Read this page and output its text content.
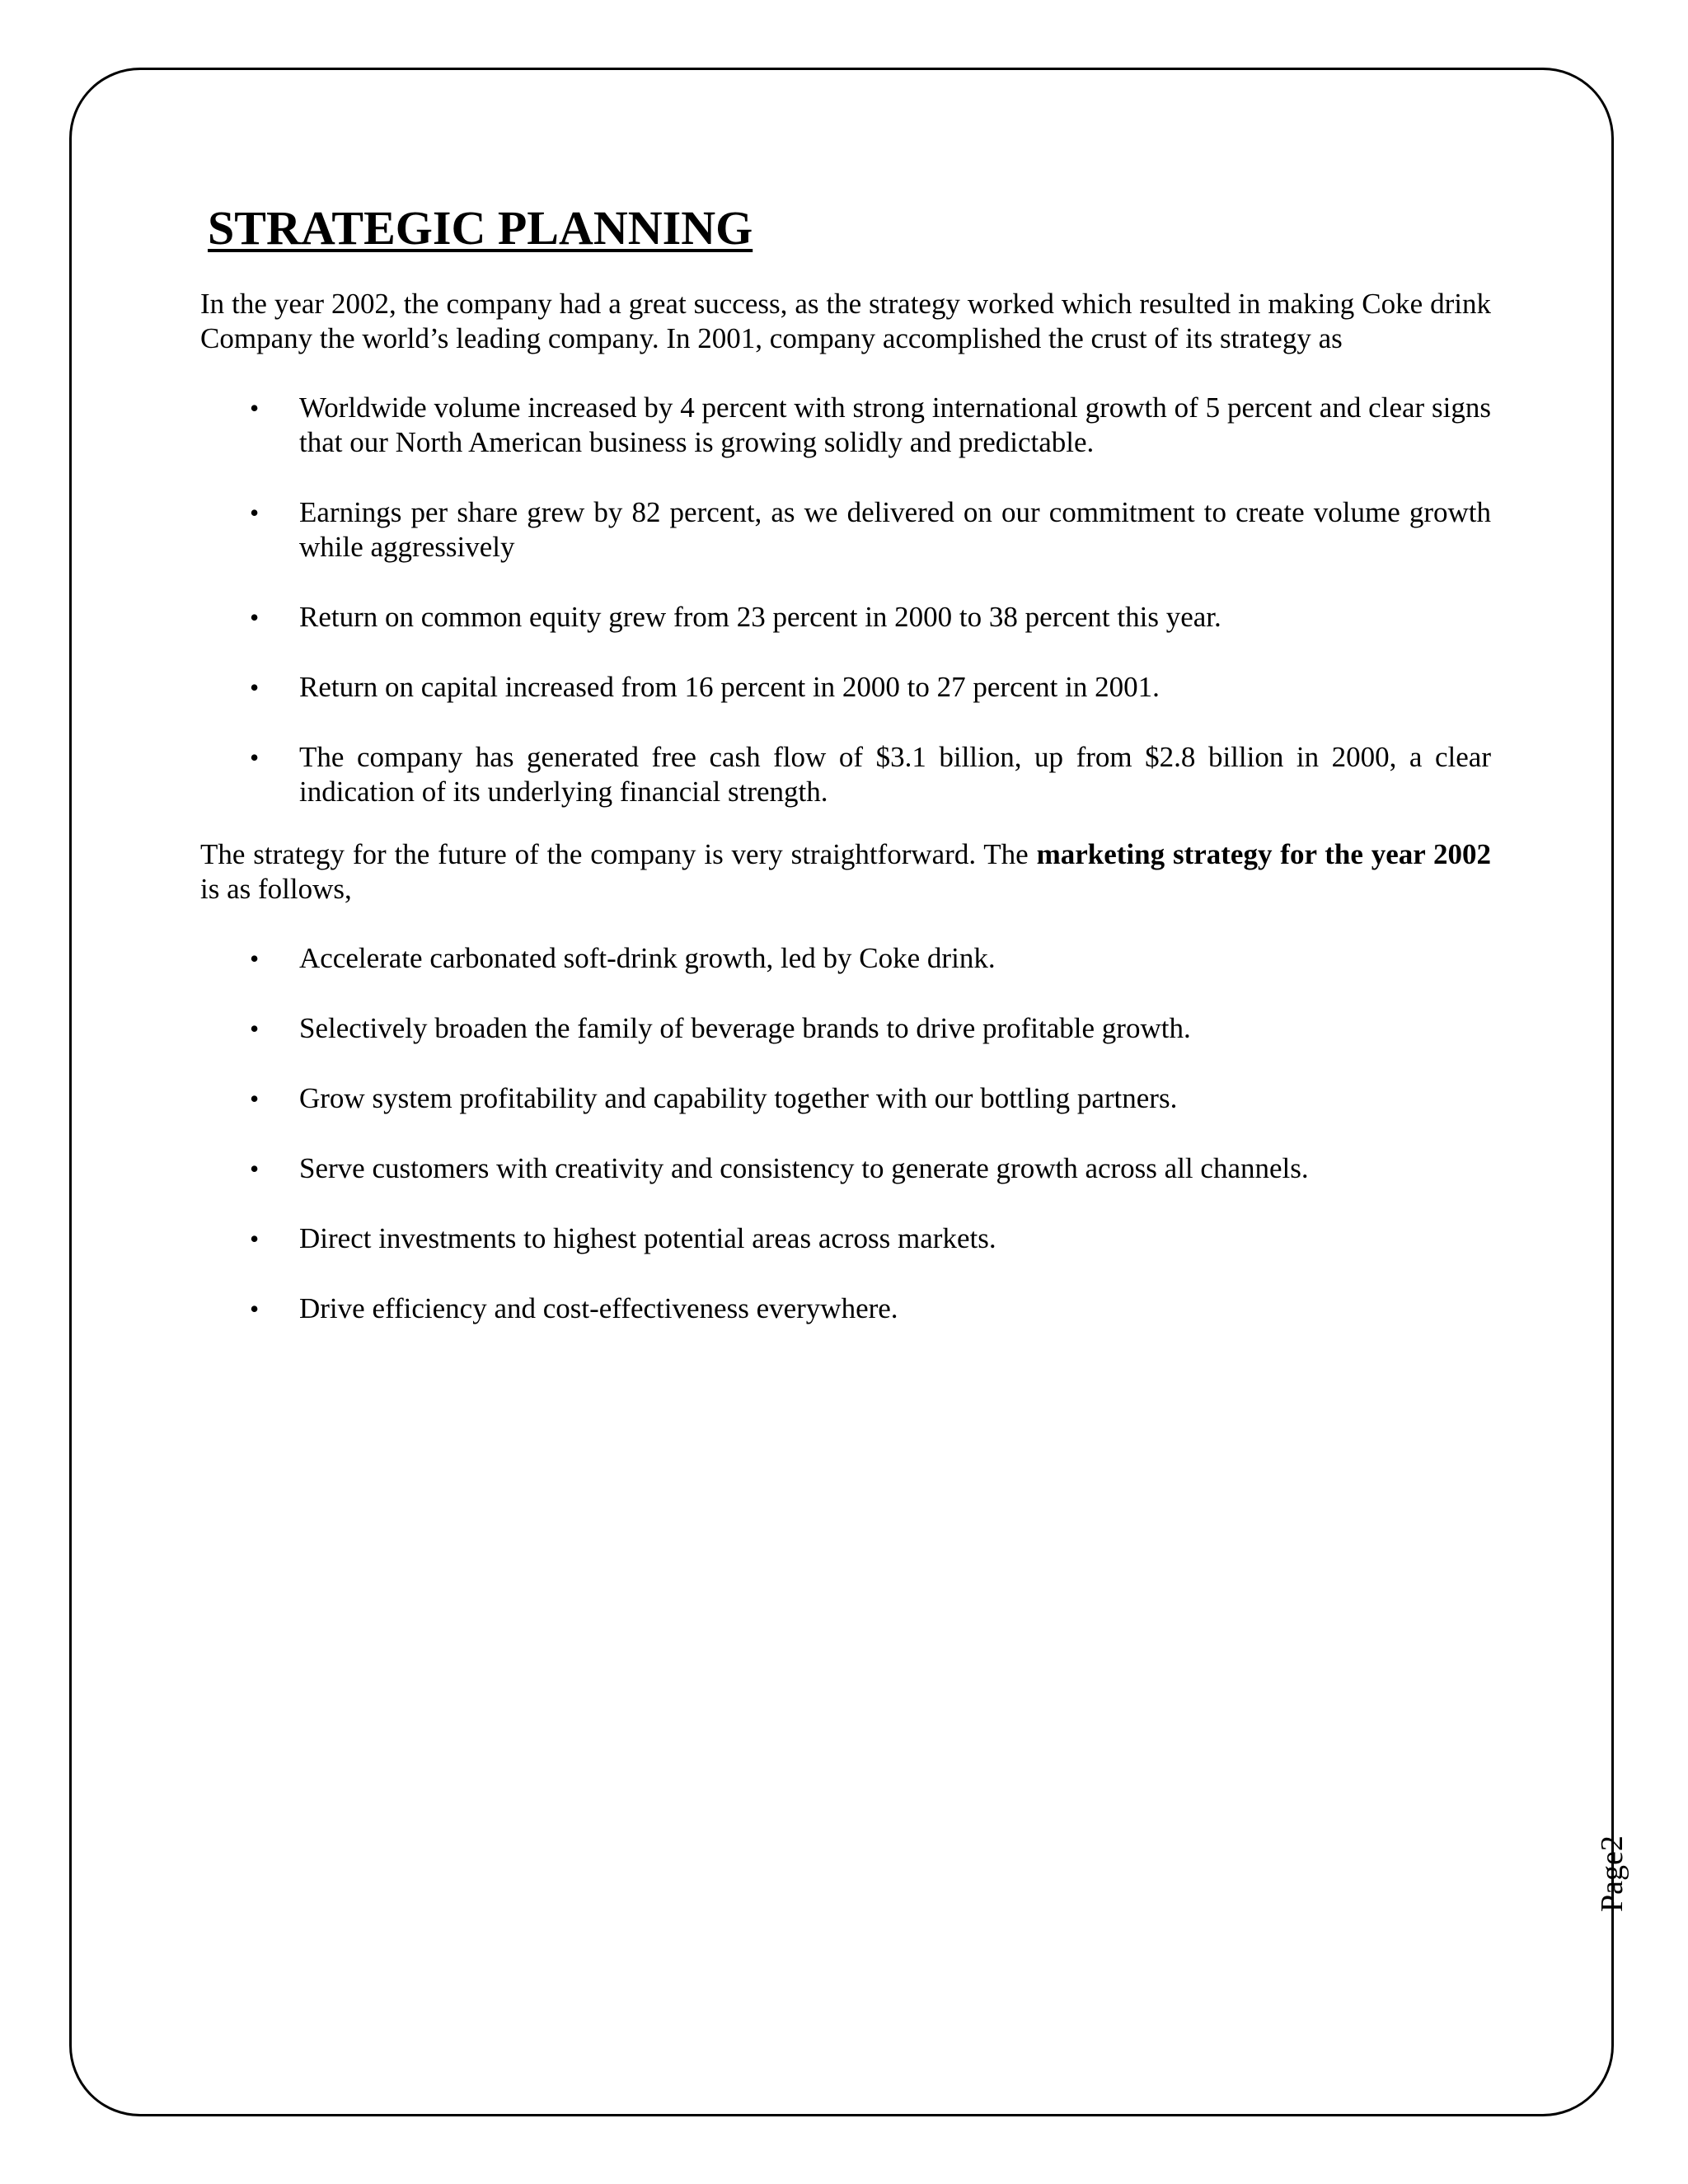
STRATEGIC PLANNING

In the year 2002, the company had a great success, as the strategy worked which resulted in making Coke drink Company the world’s leading company. In 2001, company accomplished the crust of its strategy as

•	Worldwide volume increased by 4 percent with strong international growth of 5 percent and clear signs that our North American business is growing solidly and predictable.
•	Earnings per share grew by 82 percent, as we delivered on our commitment to create volume growth while aggressively
•	Return on common equity grew from 23 percent in 2000 to 38 percent this year.
•	Return on capital increased from 16 percent in 2000 to 27 percent in 2001.
•	The company has generated free cash flow of $3.1 billion, up from $2.8 billion in 2000, a clear indication of its underlying financial strength.

The strategy for the future of the company is very straightforward. The marketing strategy for the year 2002 is as follows,

•	Accelerate carbonated soft-drink growth, led by Coke drink.
•	Selectively broaden the family of beverage brands to drive profitable growth.
•	Grow system profitability and capability together with our bottling partners.
•	Serve customers with creativity and consistency to generate growth across all channels.
•	Direct investments to highest potential areas across markets.
•	Drive efficiency and cost-effectiveness everywhere.
Page2
